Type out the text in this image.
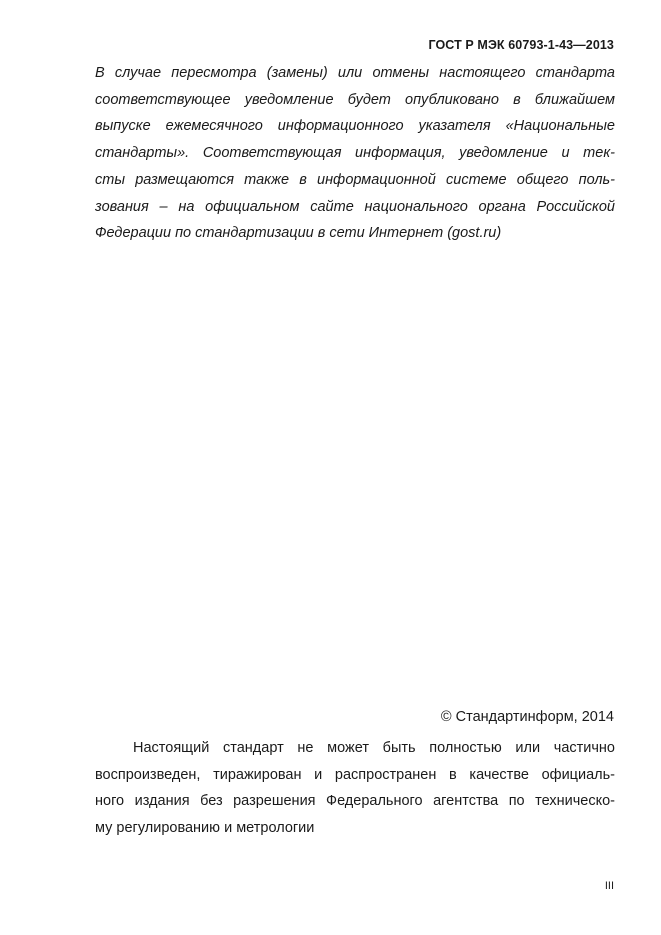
ГОСТ Р МЭК 60793-1-43—2013
В случае пересмотра (замены) или отмены настоящего стандарта
соответствующее уведомление будет опубликовано в ближайшем
выпуске ежемесячного информационного указателя «Национальные
стандарты». Соответствующая информация, уведомление и тек-
сты размещаются также в информационной системе общего поль-
зования – на официальном сайте национального органа Российской
Федерации по стандартизации в сети Интернет (gost.ru)
© Стандартинформ, 2014
Настоящий стандарт не может быть полностью или частично
воспроизведен, тиражирован и распространен в качестве официаль-
ного издания без разрешения Федерального агентства по техническо-
му регулированию и метрологии
III
